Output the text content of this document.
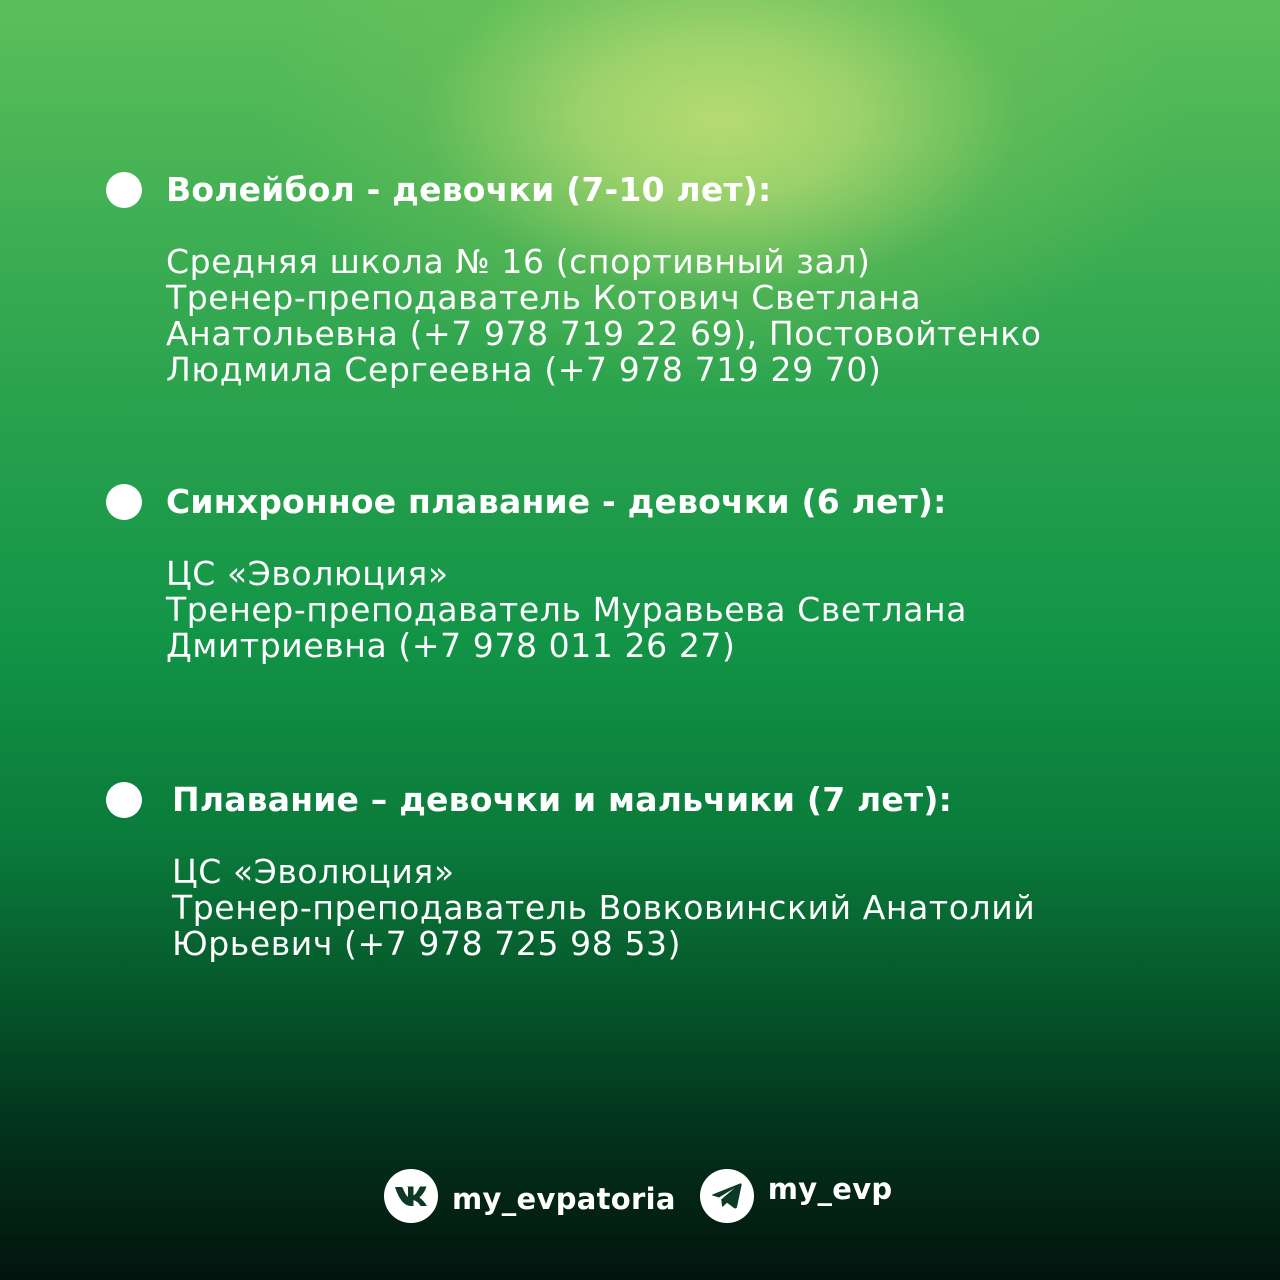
Волейбол - девочки (7-10 лет):
Средняя школа № 16 (спортивный зал)
Тренер-преподаватель Котович Светлана
Анатольевна (+7 978 719 22 69), Постовойтенко
Людмила Сергеевна (+7 978 719 29 70)
Синхронное плавание - девочки (6 лет):
ЦС «Эволюция»
Тренер-преподаватель Муравьева Светлана
Дмитриевна (+7 978 011 26 27)
Плавание – девочки и мальчики (7 лет):
ЦС «Эволюция»
Тренер-преподаватель Вовковинский Анатолий
Юрьевич (+7 978 725 98 53)
my_evpatoria	my_evp
